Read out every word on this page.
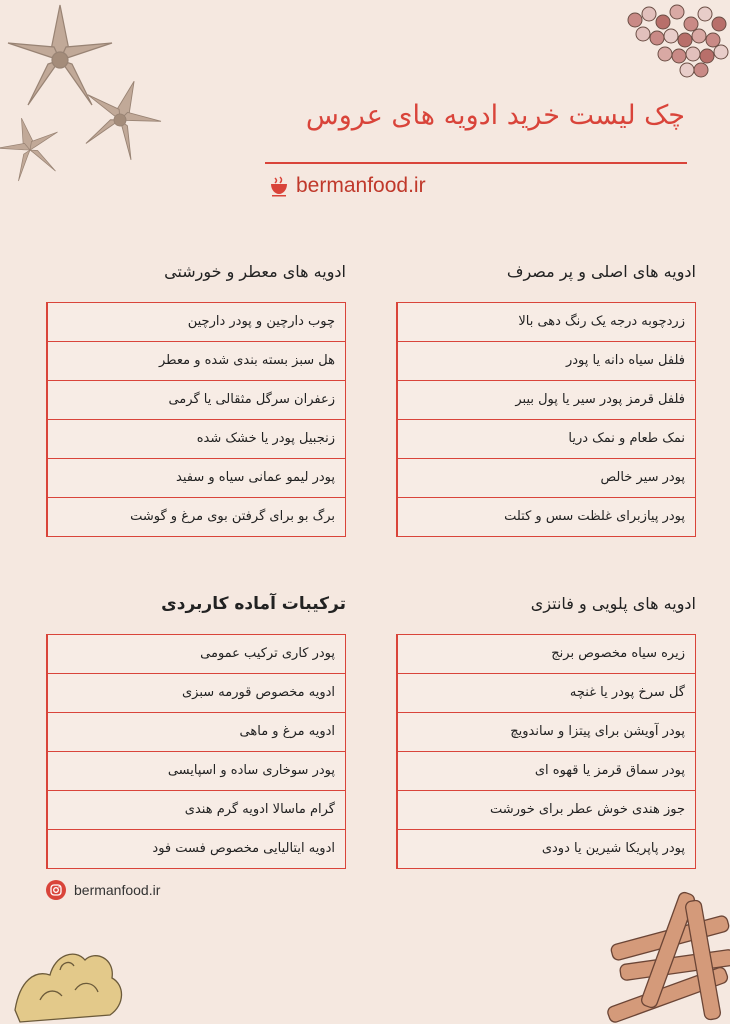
چک لیست خرید ادویه های عروس
bermanfood.ir
ادویه های اصلی و پر مصرف
زردچوبه درجه یک رنگ دهی بالا
فلفل سیاه دانه یا پودر
فلفل قرمز پودر سیر یا پول بیبر
نمک طعام و نمک دریا
پودر سیر خالص
پودر پیازبرای غلظت سس و کتلت
ادویه های معطر و خورشتی
چوب دارچین و پودر دارچین
هل سبز بسته بندی شده و معطر
زعفران سرگل مثقالی یا گرمی
زنجبیل پودر یا خشک شده
پودر لیمو عمانی سیاه و سفید
برگ بو برای گرفتن بوی مرغ و گوشت
ادویه های پلویی و فانتزی
زیره سیاه مخصوص برنج
گل سرخ پودر یا غنچه
پودر آویشن برای پیتزا و ساندویچ
پودر سماق قرمز یا قهوه ای
جوز هندی خوش عطر برای خورشت
پودر پاپریکا شیرین یا دودی
ترکیبات آماده کاربردی
پودر کاری ترکیب عمومی
ادویه مخصوص قورمه سبزی
ادویه مرغ و ماهی
پودر سوخاری ساده و اسپایسی
گرام ماسالا ادویه گرم هندی
ادویه ایتالیایی مخصوص فست فود
bermanfood.ir
